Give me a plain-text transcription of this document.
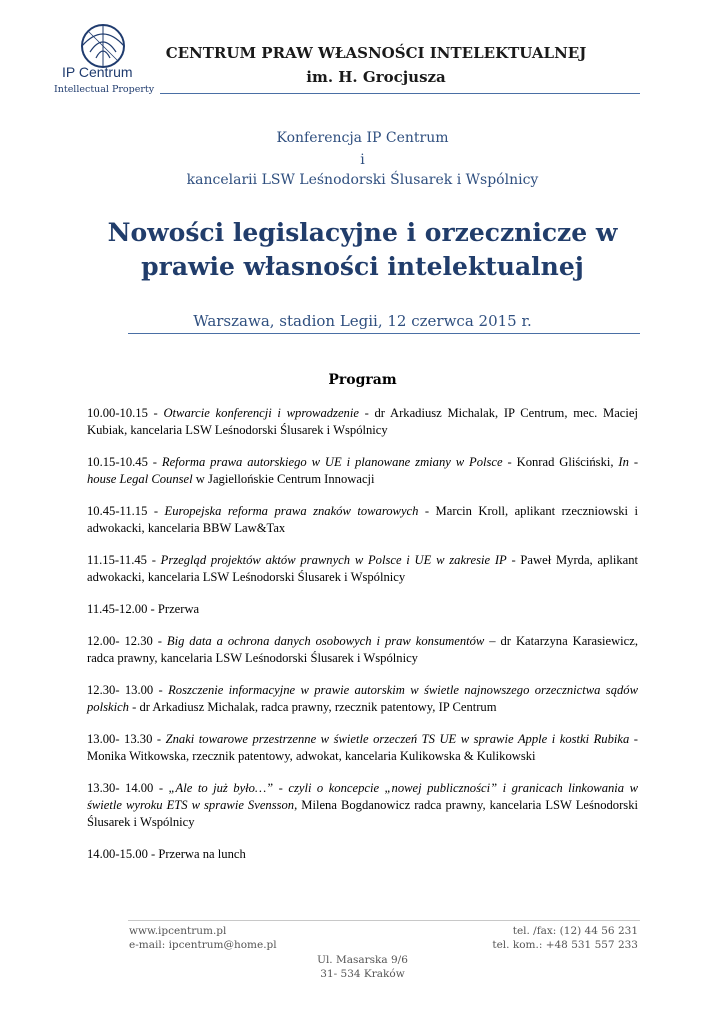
IP Centrum
Intellectual Property
CENTRUM PRAW WŁASNOŚCI INTELEKTUALNEJ
im. H. Grocjusza
Konferencja IP Centrum
i
kancelarii LSW Leśnodorski Ślusarek i Wspólnicy
Nowości legislacyjne i orzecznicze w
prawie własności intelektualnej
Warszawa, stadion Legii, 12 czerwca 2015 r.
Program

10.00-10.15 - Otwarcie konferencji i wprowadzenie - dr Arkadiusz Michalak, IP Centrum, mec. Maciej Kubiak, kancelaria LSW Leśnodorski Ślusarek i Wspólnicy

10.15-10.45 - Reforma prawa autorskiego w UE i planowane zmiany w Polsce - Konrad Gliściński, In - house Legal Counsel w Jagiellońskie Centrum Innowacji

10.45-11.15 - Europejska reforma prawa znaków towarowych - Marcin Kroll, aplikant rzeczniowski i adwokacki, kancelaria BBW Law&Tax

11.15-11.45 - Przegląd projektów aktów prawnych w Polsce i UE w zakresie IP - Paweł Myrda, aplikant adwokacki, kancelaria LSW Leśnodorski Ślusarek i Wspólnicy

11.45-12.00 - Przerwa

12.00- 12.30 - Big data a ochrona danych osobowych i praw konsumentów – dr Katarzyna Karasiewicz, radca prawny, kancelaria LSW Leśnodorski Ślusarek i Wspólnicy

12.30- 13.00 - Roszczenie informacyjne w prawie autorskim w świetle najnowszego orzecznictwa sądów polskich - dr Arkadiusz Michalak, radca prawny, rzecznik patentowy, IP Centrum

13.00- 13.30 - Znaki towarowe przestrzenne w świetle orzeczeń TS UE w sprawie Apple i kostki Rubika - Monika Witkowska, rzecznik patentowy, adwokat, kancelaria Kulikowska & Kulikowski

13.30- 14.00 - „Ale to już było…” - czyli o koncepcie „nowej publiczności” i granicach linkowania w świetle wyroku ETS w sprawie Svensson, Milena Bogdanowicz radca prawny, kancelaria LSW Leśnodorski Ślusarek i Wspólnicy

14.00-15.00 - Przerwa na lunch

www.ipcentrum.pl
e-mail: ipcentrum@home.pl
tel. /fax: (12) 44 56 231
tel. kom.: +48 531 557 233
Ul. Masarska 9/6
31- 534 Kraków
